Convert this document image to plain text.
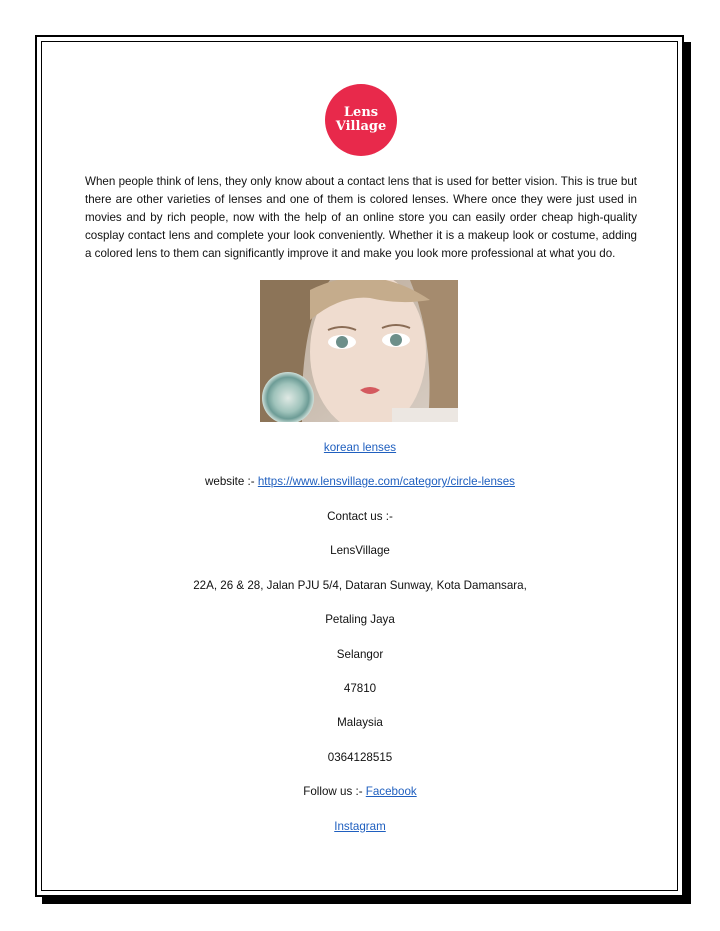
Lens
Village

When people think of lens, they only know about a contact lens that is used for better vision. This is true but there are other varieties of lenses and one of them is colored lenses. Where once they were just used in movies and by rich people, now with the help of an online store you can easily order cheap high-quality cosplay contact lens and complete your look conveniently. Whether it is a makeup look or costume, adding a colored lens to them can significantly improve it and make you look more professional at what you do.

korean lenses
website :- https://www.lensvillage.com/category/circle-lenses
Contact us :-
LensVillage
22A, 26 & 28, Jalan PJU 5/4, Dataran Sunway, Kota Damansara,
Petaling Jaya
Selangor
47810
Malaysia
0364128515
Follow us :- Facebook
Instagram
